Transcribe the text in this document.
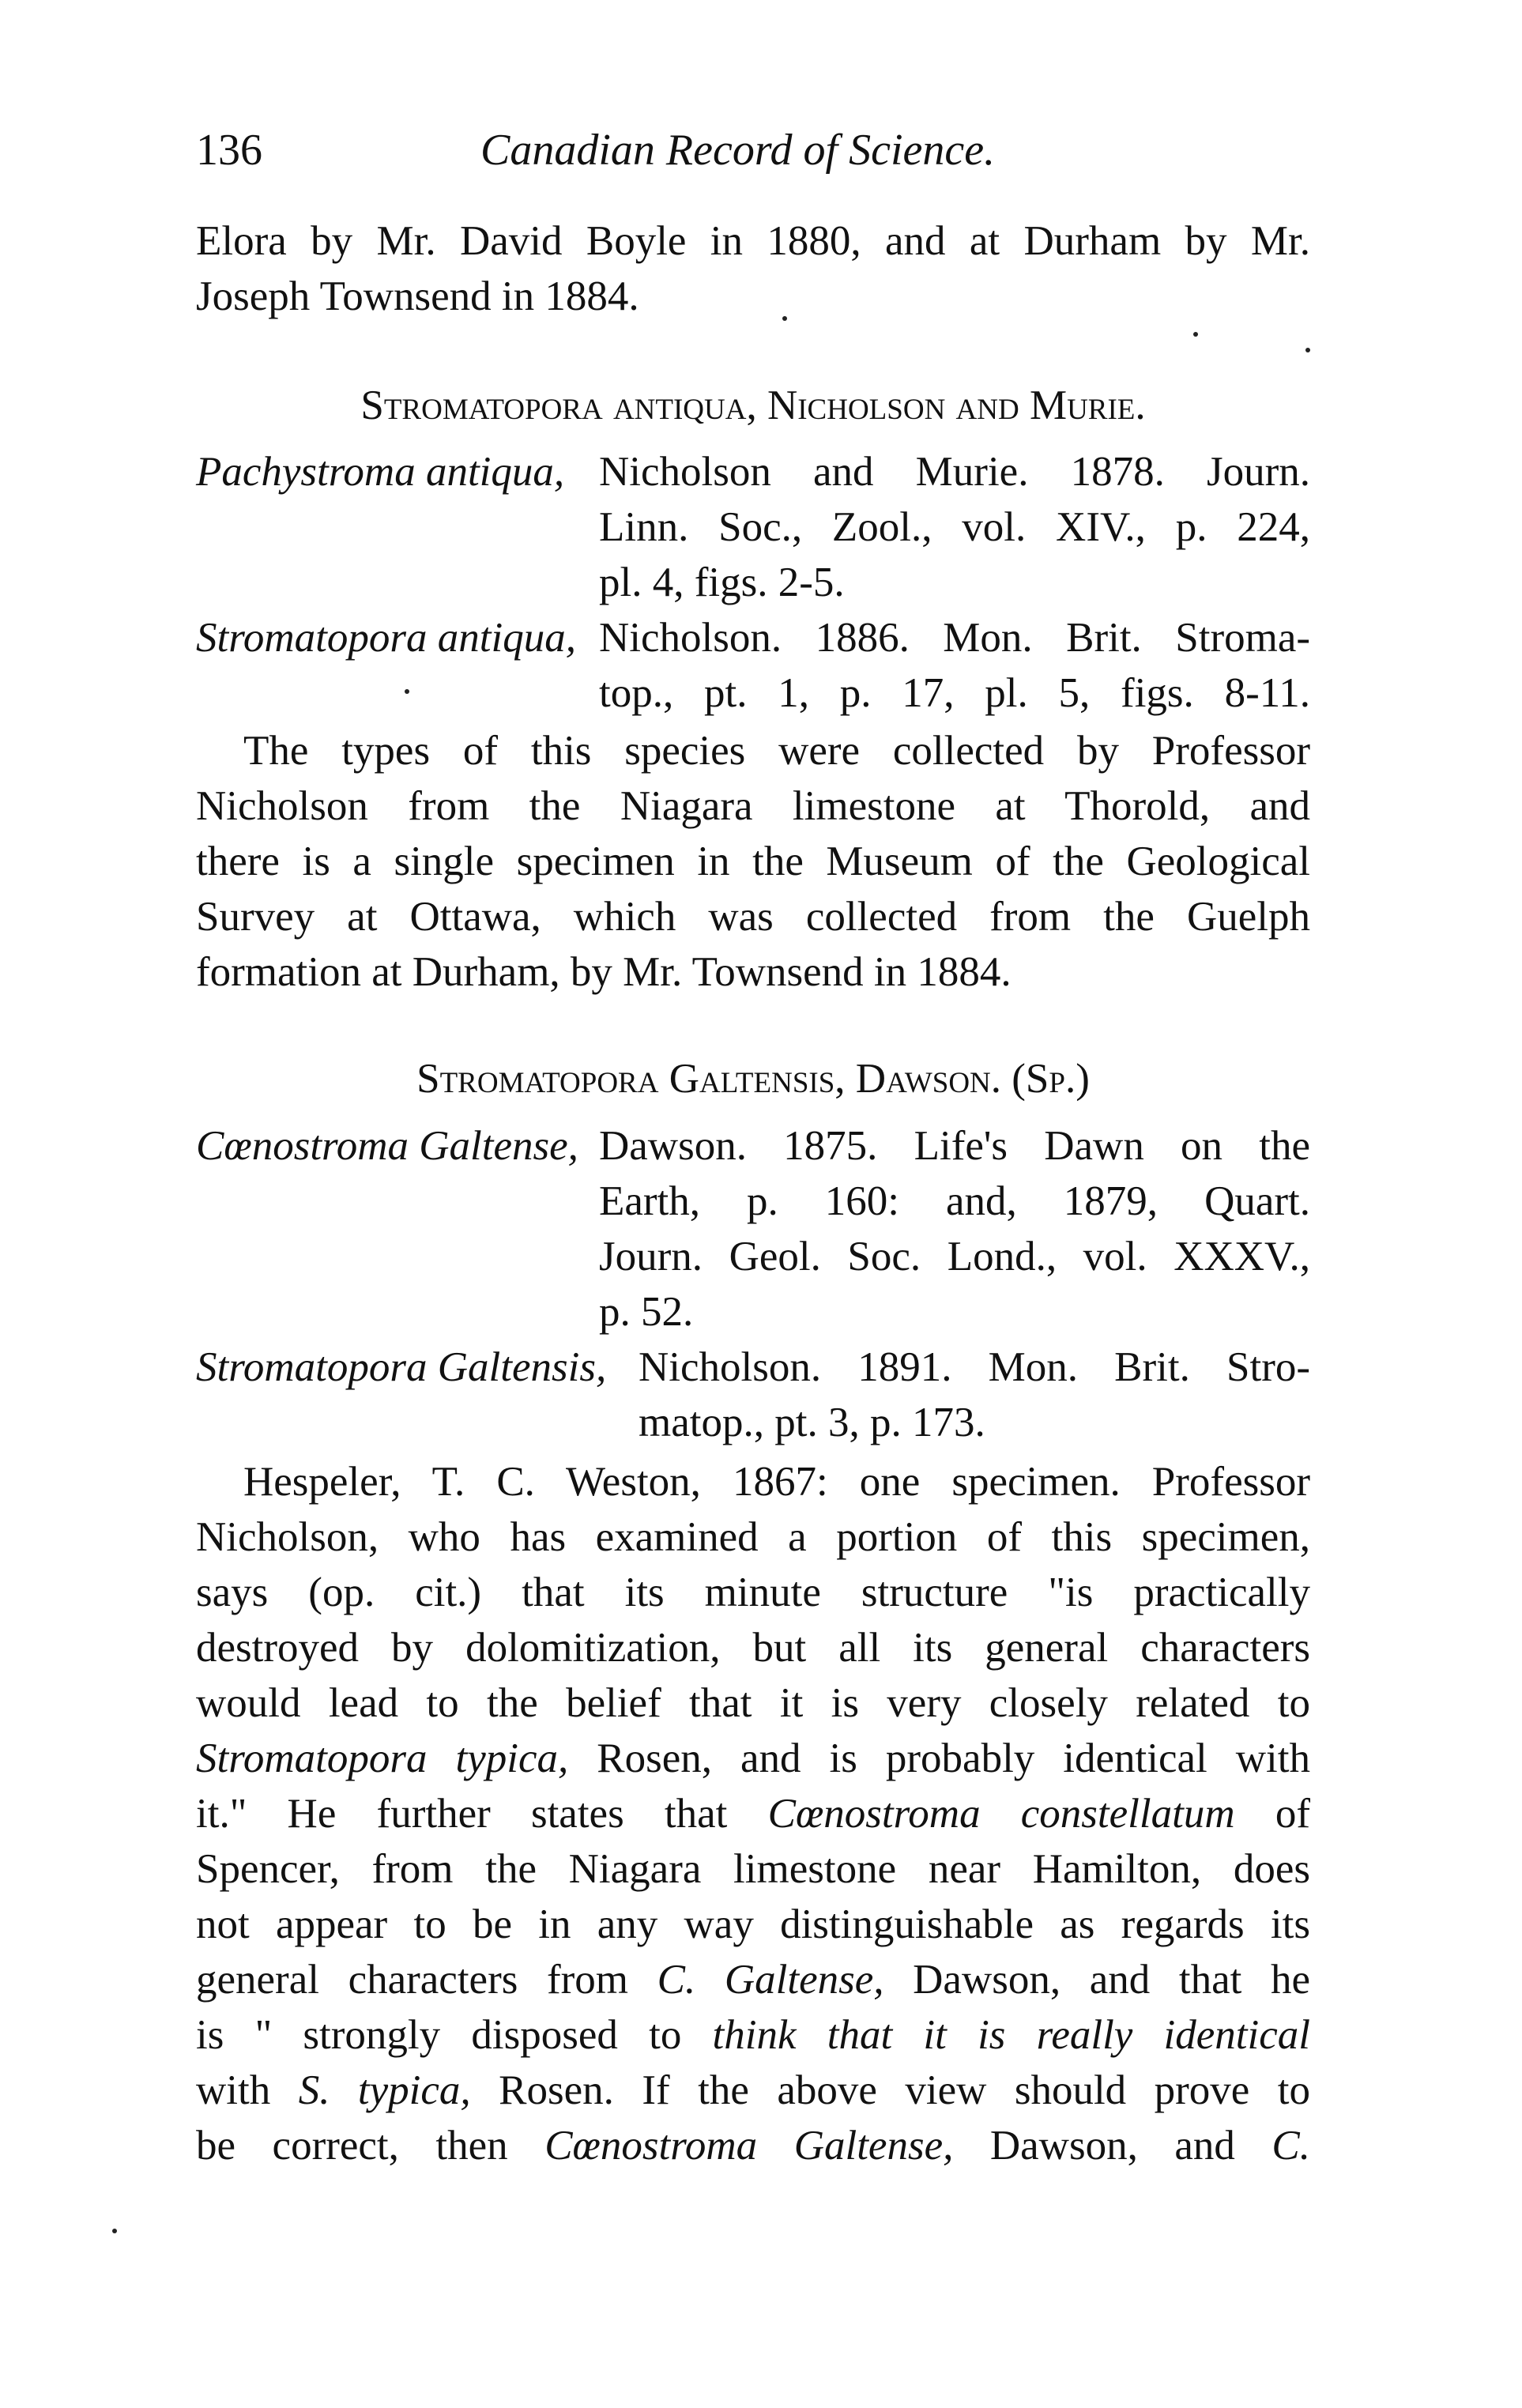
136	Canadian Record of Science.
Elora by Mr. David Boyle in 1880, and at Durham by Mr.
Joseph Townsend in 1884.
Stromatopora antiqua, Nicholson and Murie.
Pachystroma antiqua, Nicholson and Murie. 1878. Journ.
Linn. Soc., Zool., vol. XIV., p. 224,
pl. 4, figs. 2-5.
Stromatopora antiqua, Nicholson. 1886. Mon. Brit. Stroma-
top., pt. 1, p. 17, pl. 5, figs. 8-11.
The types of this species were collected by Professor
Nicholson from the Niagara limestone at Thorold, and
there is a single specimen in the Museum of the Geological
Survey at Ottawa, which was collected from the Guelph
formation at Durham, by Mr. Townsend in 1884.
Stromatopora Galtensis, Dawson. (Sp.)
Cœnostroma Galtense, Dawson. 1875. Life's Dawn on the
Earth, p. 160: and, 1879, Quart.
Journ. Geol. Soc. Lond., vol. XXXV.,
p. 52.
Stromatopora Galtensis, Nicholson. 1891. Mon. Brit. Stro-
matop., pt. 3, p. 173.
Hespeler, T. C. Weston, 1867: one specimen. Professor
Nicholson, who has examined a portion of this specimen,
says (op. cit.) that its minute structure "is practically
destroyed by dolomitization, but all its general characters
would lead to the belief that it is very closely related to
Stromatopora typica, Rosen, and is probably identical with
it." He further states that Cœnostroma constellatum of
Spencer, from the Niagara limestone near Hamilton, does
not appear to be in any way distinguishable as regards its
general characters from C. Galtense, Dawson, and that he
is " strongly disposed to think that it is really identical
with S. typica, Rosen. If the above view should prove to
be correct, then Cœnostroma Galtense, Dawson, and C.
